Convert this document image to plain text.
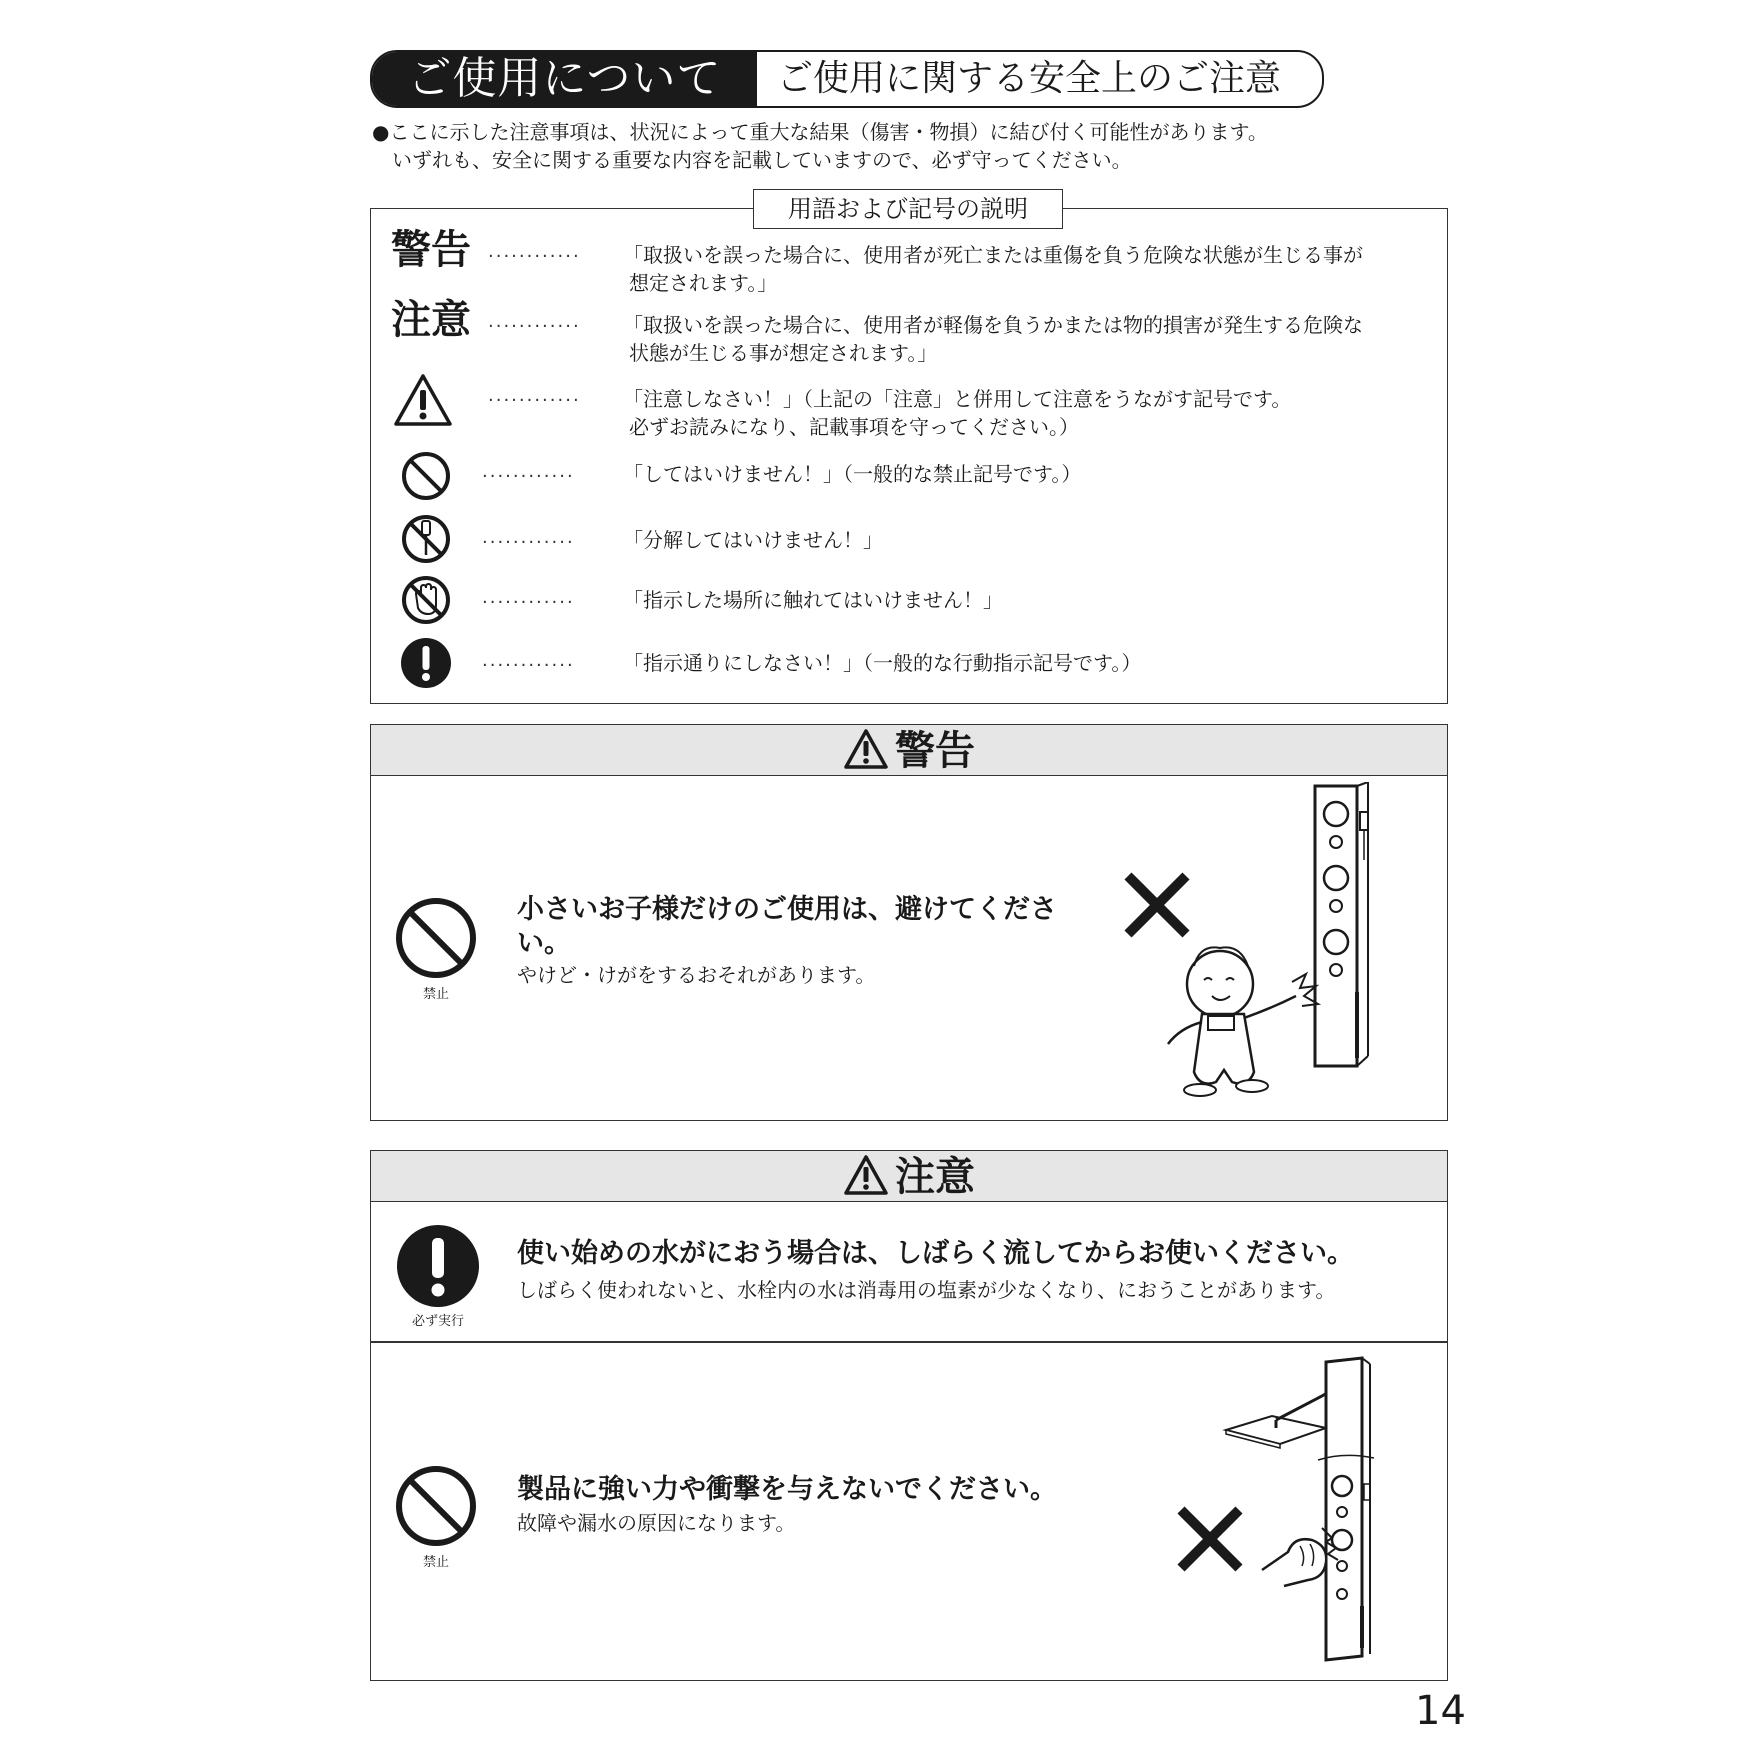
ご使用について	ご使用に関する安全上のご注意
●ここに示した注意事項は、状況によって重大な結果（傷害・物損）に結び付く可能性があります。
いずれも、安全に関する重要な内容を記載していますので、必ず守ってください。
用語および記号の説明
警告 ············ 「取扱いを誤った場合に、使用者が死亡または重傷を負う危険な状態が生じる事が
想定されます。」
注意 ············ 「取扱いを誤った場合に、使用者が軽傷を負うかまたは物的損害が発生する危険な
状態が生じる事が想定されます。」
············ 「注意しなさい！」（上記の「注意」と併用して注意をうながす記号です。
必ずお読みになり、記載事項を守ってください。）
············ 「してはいけません！」（一般的な禁止記号です。）
············ 「分解してはいけません！」
············ 「指示した場所に触れてはいけません！」
············ 「指示通りにしなさい！」（一般的な行動指示記号です。）
警告
禁止
小さいお子様だけのご使用は、避けてくださ
い。
やけど・けがをするおそれがあります。
注意
必ず実行
使い始めの水がにおう場合は、しばらく流してからお使いください。
しばらく使われないと、水栓内の水は消毒用の塩素が少なくなり、におうことがあります。
禁止
製品に強い力や衝撃を与えないでください。
故障や漏水の原因になります。
14
